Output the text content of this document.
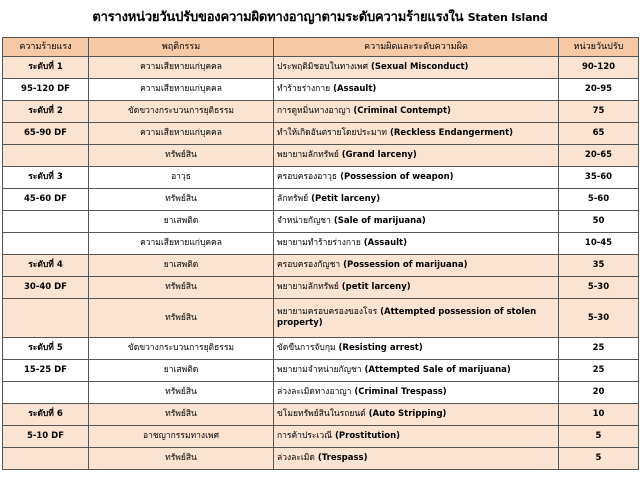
ตารางหน่วยวันปรับของความผิดทางอาญาตามระดับความร้ายแรงใน Staten Island
ความร้ายแรง	พฤติกรรม	ความผิดและระดับความผิด	หน่วยวันปรับ
ระดับที่ 1	ความเสียหายแก่บุคคล	ประพฤติมิชอบในทางเพศ (Sexual Misconduct)	90-120
95-120 DF	ความเสียหายแก่บุคคล	ทำร้ายร่างกาย (Assault)	20-95
ระดับที่ 2	ขัดขวางกระบวนการยุติธรรม	การดูหมิ่นทางอาญา (Criminal Contempt)	75
65-90 DF	ความเสียหายแก่บุคคล	ทำให้เกิดอันตรายโดยประมาท (Reckless Endangerment)	65
	ทรัพย์สิน	พยายามลักทรัพย์ (Grand larceny)	20-65
ระดับที่ 3	อาวุธ	ครอบครองอาวุธ (Possession of weapon)	35-60
45-60 DF	ทรัพย์สิน	ลักทรัพย์ (Petit larceny)	5-60
	ยาเสพติด	จำหน่ายกัญชา (Sale of marijuana)	50
	ความเสียหายแก่บุคคล	พยายามทำร้ายร่างกาย (Assault)	10-45
ระดับที่ 4	ยาเสพติด	ครอบครองกัญชา (Possession of marijuana)	35
30-40 DF	ทรัพย์สิน	พยายามลักทรัพย์ (petit larceny)	5-30
	ทรัพย์สิน	พยายามครอบครองของโจร (Attempted possession of stolen property)	5-30
ระดับที่ 5	ขัดขวางกระบวนการยุติธรรม	ขัดขืนการจับกุม (Resisting arrest)	25
15-25 DF	ยาเสพติด	พยายามจำหน่ายกัญชา (Attempted Sale of marijuana)	25
	ทรัพย์สิน	ล่วงละเมิดทางอาญา (Criminal Trespass)	20
ระดับที่ 6	ทรัพย์สิน	ขโมยทรัพย์สินในรถยนต์ (Auto Stripping)	10
5-10 DF	อาชญากรรมทางเพศ	การค้าประเวณี (Prostitution)	5
	ทรัพย์สิน	ล่วงละเมิด (Trespass)	5
